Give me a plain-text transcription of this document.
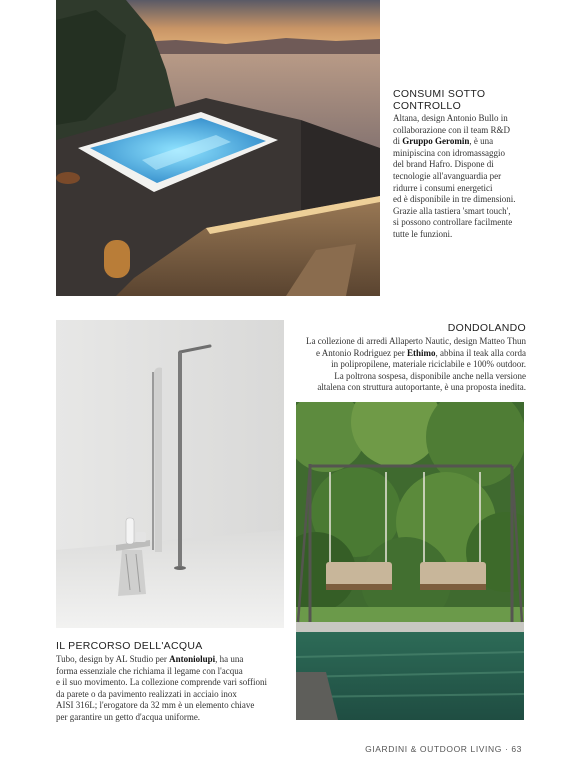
CONSUMI SOTTO
CONTROLLO
Altana, design Antonio Bullo in
collaborazione con il team R&D
di Gruppo Geromin, è una
minipiscina con idromassaggio
del brand Hafro. Dispone di
tecnologie all'avanguardia per
ridurre i consumi energetici
ed è disponibile in tre dimensioni.
Grazie alla tastiera 'smart touch',
si possono controllare facilmente
tutte le funzioni.
DONDOLANDO
La collezione di arredi Allaperto Nautic, design Matteo Thun
e Antonio Rodriguez per Ethimo, abbina il teak alla corda
in polipropilene, materiale riciclabile e 100% outdoor.
La poltrona sospesa, disponibile anche nella versione
altalena con struttura autoportante, è una proposta inedita.
IL PERCORSO DELL'ACQUA
Tubo, design by AL Studio per Antoniolupi, ha una
forma essenziale che richiama il legame con l'acqua
e il suo movimento. La collezione comprende vari soffioni
da parete o da pavimento realizzati in acciaio inox
AISI 316L; l'erogatore da 32 mm è un elemento chiave
per garantire un getto d'acqua uniforme.
GIARDINI & OUTDOOR LIVING · 63
